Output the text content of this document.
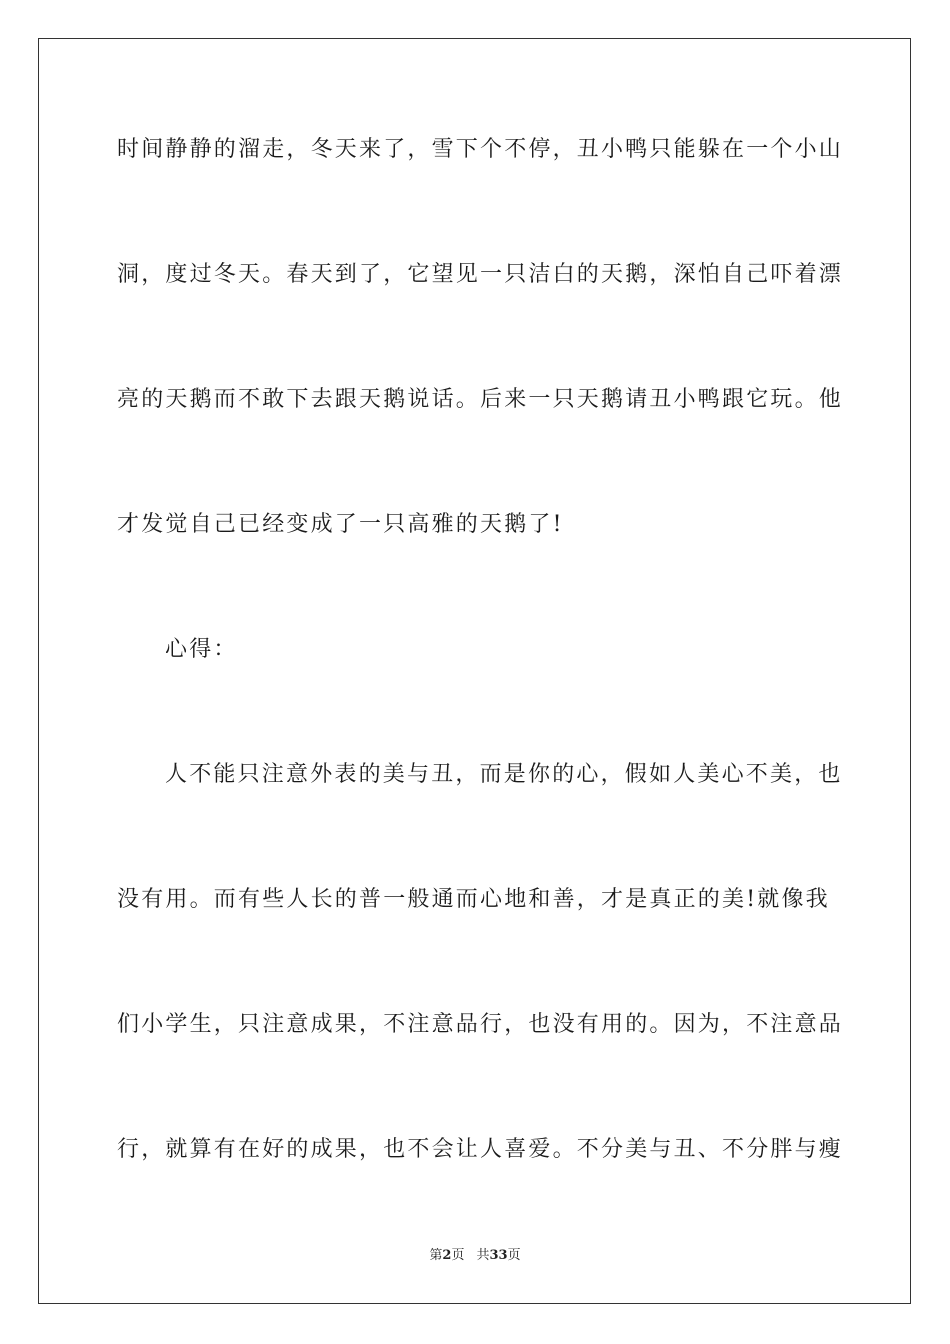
时间静静的溜走，冬天来了，雪下个不停，丑小鸭只能躲在一个小山
洞，度过冬天。春天到了，它望见一只洁白的天鹅，深怕自己吓着漂
亮的天鹅而不敢下去跟天鹅说话。后来一只天鹅请丑小鸭跟它玩。他
才发觉自己已经变成了一只高雅的天鹅了!
心得：
人不能只注意外表的美与丑，而是你的心，假如人美心不美，也
没有用。而有些人长的普一般通而心地和善，才是真正的美!就像我
们小学生，只注意成果，不注意品行，也没有用的。因为，不注意品
行，就算有在好的成果，也不会让人喜爱。不分美与丑、不分胖与瘦
第2页 共33页
